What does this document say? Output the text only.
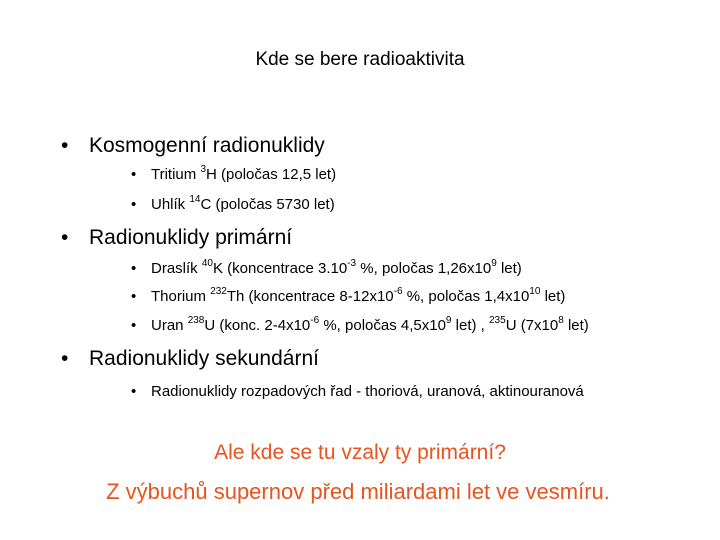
Kde se bere radioaktivita
• Kosmogenní radionuklidy
• Tritium $^3$H (poločas 12,5 let)
• Uhlík $^{14}$C (poločas 5730 let)
• Radionuklidy primární
• Draslík $^{40}$K (koncentrace $3.10^{-3}$ %, poločas $1,26x10^9$ let)
• Thorium $^{232}$Th (koncentrace $8-12x10^{-6}$ %, poločas $1,4x10^{10}$ let)
• Uran $^{238}$U (konc. $2-4x10^{-6}$ %, poločas $4,5x10^9$ let) , $^{235}$U ($7x10^8$ let)
• Radionuklidy sekundární
• Radionuklidy rozpadových řad - thoriová, uranová, aktinouranová
Ale kde se tu vzaly ty primární?
Z výbuchů supernov před miliardami let ve vesmíru.
